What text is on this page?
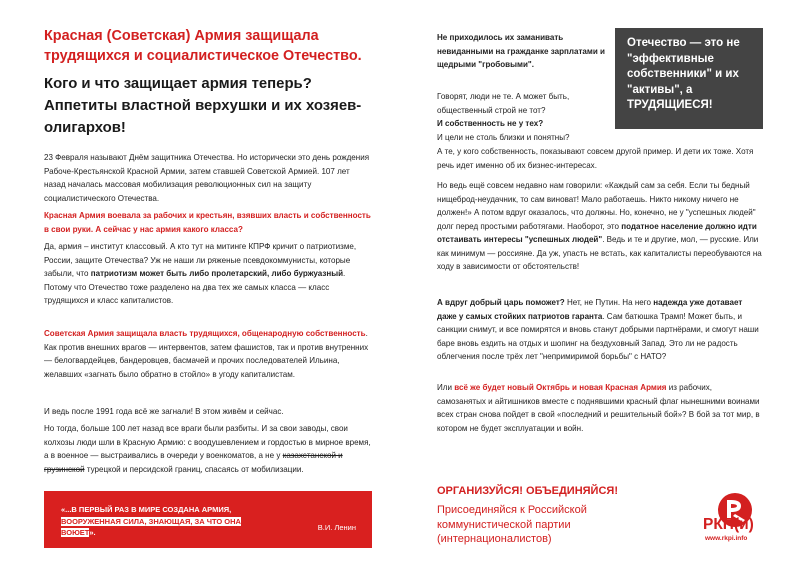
Красная (Советская) Армия защищала трудящихся и социалистическое Отечество.
Кого и что защищает армия теперь? Аппетиты властной верхушки и их хозяев-олигархов!

23 Февраля называют Днём защитника Отечества. Но исторически это день рождения Рабоче-Крестьянской Красной Армии, затем ставшей Советской Армией. 107 лет назад началась массовая мобилизация революционных сил на защиту социалистического Отечества.

Красная Армия воевала за рабочих и крестьян, взявших власть и собственность в свои руки. А сейчас у нас армия какого класса?

Да, армия – институт классовый. А кто тут на митинге КПРФ кричит о патриотизме, России, защите Отечества? Уж не наши ли ряженые псевдокоммунисты, которые забыли, что патриотизм может быть либо пролетарский, либо буржуазный. Потому что Отечество тоже разделено на два тех же самых класса — класс трудящихся и класс капиталистов.

Советская Армия защищала власть трудящихся, общенародную собственность. Как против внешних врагов — интервентов, затем фашистов, так и против внутренних — белогвардейцев, бандеровцев, басмачей и прочих последователей Ильина, желавших «загнать было обратно в стойло» в угоду капиталистам.

И ведь после 1991 года всё же загнали! В этом живём и сейчас.

Но тогда, больше 100 лет назад все враги были разбиты. И за свои заводы, свои колхозы люди шли в Красную Армию: с воодушевлением и гордостью в мирное время, а в военное — выстраивались в очереди у военкоматов, а не у казахстанской и грузинской турецкой и персидской границ, спасаясь от мобилизации.

«...В ПЕРВЫЙ РАЗ В МИРЕ СОЗДАНА АРМИЯ, ВООРУЖЕННАЯ СИЛА, ЗНАЮЩАЯ, ЗА ЧТО ОНА ВОЮЕТ».
В.И. Ленин

Не приходилось их заманивать невиданными на гражданке зарплатами и щедрыми "гробовыми".

Отечество — это не "эффективные собственники" и их "активы", а ТРУДЯЩИЕСЯ!

Говорят, люди не те. А может быть, общественный строй не тот?

И собственность не у тех?

И цели не столь близки и понятны?

А те, у кого собственность, показывают совсем другой пример. И дети их тоже. Хотя речь идет именно об их бизнес-интересах.

Но ведь ещё совсем недавно нам говорили: «Каждый сам за себя. Если ты бедный нищеброд-неудачник, то сам виноват! Мало работаешь. Никто никому ничего не должен!» А потом вдруг оказалось, что должны. Но, конечно, не у "успешных людей" долг перед простыми работягами. Наоборот, это податное население должно идти отстаивать интересы "успешных людей". Ведь и те и другие, мол, — русские. Или как минимум — россияне. Да уж, упасть не встать, как капиталисты переобуваются на ходу в зависимости от обстоятельств!

А вдруг добрый царь поможет? Нет, не Путин. На него надежда уже дотавает даже у самых стойких патриотов гаранта. Сам батюшка Трамп! Может быть, и санкции снимут, и все помирятся и вновь станут добрыми партнёрами, и смогут наши баре вновь ездить на отдых и шопинг на бездуховный Запад. Это ли не радость облегчения после трёх лет "непримиримой борьбы" с НАТО?

Или всё же будет новый Октябрь и новая Красная Армия из рабочих, самозанятых и айтишников вместе с поднявшими красный флаг нынешними воинами всех стран снова пойдет в свой «последний и решительный бой»? В бой за тот мир, в котором не будет эксплуатации и войн.

ОРГАНИЗУЙСЯ! ОБЪЕДИНЯЙСЯ!
Присоединяйся к Российской коммунистической партии (интернационалистов)
РКП(и)
www.rkpi.info
